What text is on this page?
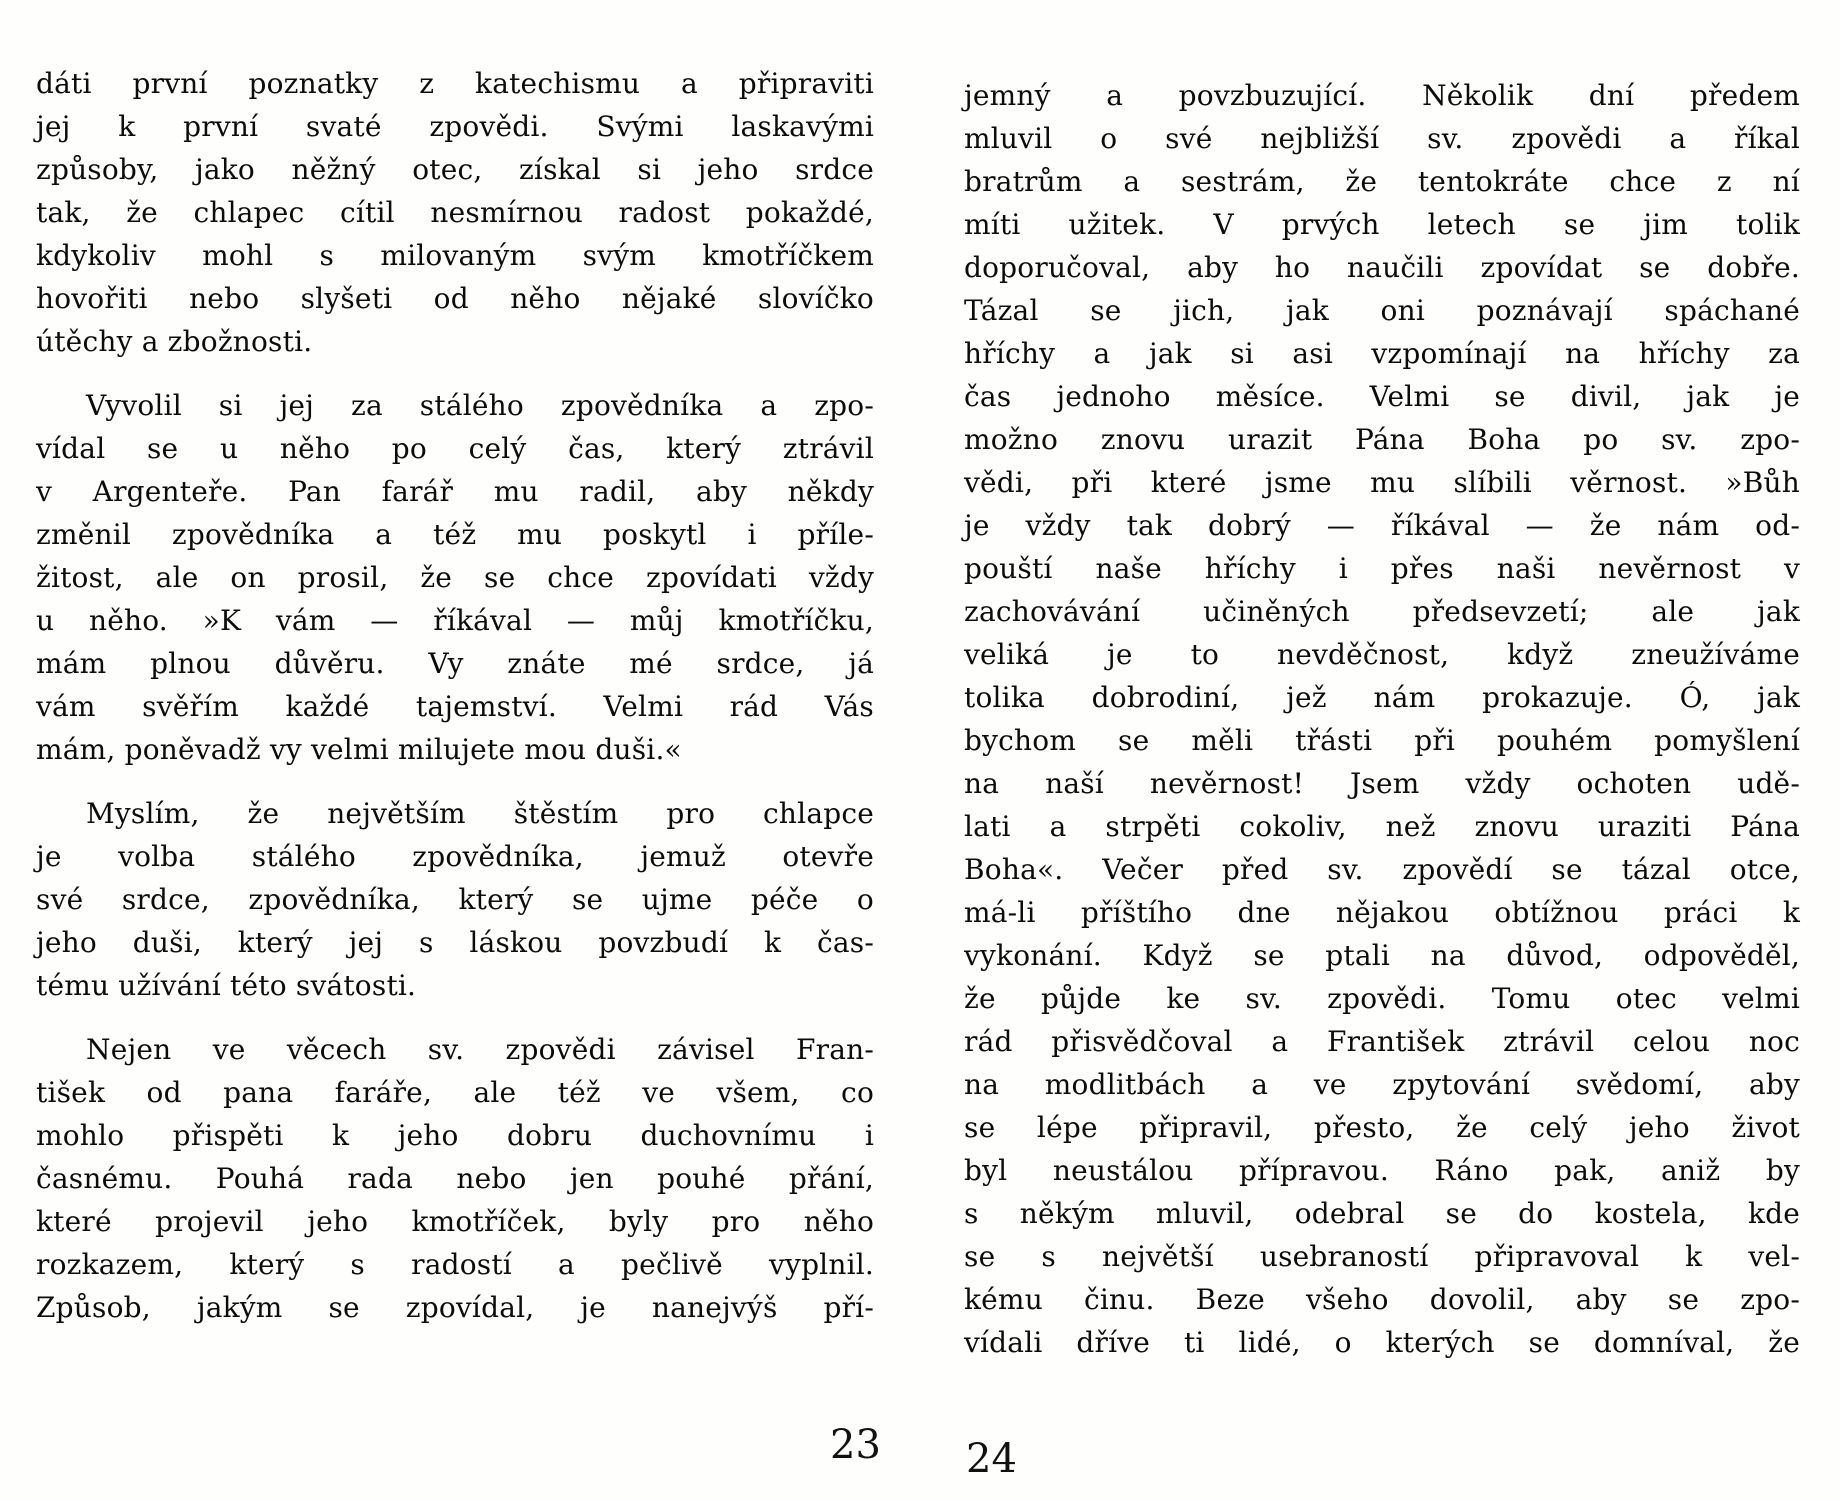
dáti první poznatky z katechismu a připraviti
jej k první svaté zpovědi. Svými laskavými
způsoby, jako něžný otec, získal si jeho srdce
tak, že chlapec cítil nesmírnou radost pokaždé,
kdykoliv mohl s milovaným svým kmotříčkem
hovořiti nebo slyšeti od něho nějaké slovíčko
útěchy a zbožnosti.

Vyvolil si jej za stálého zpovědníka a zpo-
vídal se u něho po celý čas, který ztrávil
v Argenteře. Pan farář mu radil, aby někdy
změnil zpovědníka a též mu poskytl i příle-
žitost, ale on prosil, že se chce zpovídati vždy
u něho. »K vám — říkával — můj kmotříčku,
mám plnou důvěru. Vy znáte mé srdce, já
vám svěřím každé tajemství. Velmi rád Vás
mám, poněvadž vy velmi milujete mou duši.«

Myslím, že největším štěstím pro chlapce
je volba stálého zpovědníka, jemuž otevře
své srdce, zpovědníka, který se ujme péče o
jeho duši, který jej s láskou povzbudí k čas-
tému užívání této svátosti.

Nejen ve věcech sv. zpovědi závisel Fran-
tišek od pana faráře, ale též ve všem, co
mohlo přispěti k jeho dobru duchovnímu i
časnému. Pouhá rada nebo jen pouhé přání,
které projevil jeho kmotříček, byly pro něho
rozkazem, který s radostí a pečlivě vyplnil.
Způsob, jakým se zpovídal, je nanejvýš pří-

jemný a povzbuzující. Několik dní předem
mluvil o své nejbližší sv. zpovědi a říkal
bratrům a sestrám, že tentokráte chce z ní
míti užitek. V prvých letech se jim tolik
doporučoval, aby ho naučili zpovídat se dobře.
Tázal se jich, jak oni poznávají spáchané
hříchy a jak si asi vzpomínají na hříchy za
čas jednoho měsíce. Velmi se divil, jak je
možno znovu urazit Pána Boha po sv. zpo-
vědi, při které jsme mu slíbili věrnost. »Bůh
je vždy tak dobrý — říkával — že nám od-
pouští naše hříchy i přes naši nevěrnost v
zachovávání učiněných předsevzetí; ale jak
veliká je to nevděčnost, když zneužíváme
tolika dobrodiní, jež nám prokazuje. Ó, jak
bychom se měli třásti při pouhém pomyšlení
na naší nevěrnost! Jsem vždy ochoten udě-
lati a strpěti cokoliv, než znovu uraziti Pána
Boha«. Večer před sv. zpovědí se tázal otce,
má-li příštího dne nějakou obtížnou práci k
vykonání. Když se ptali na důvod, odpověděl,
že půjde ke sv. zpovědi. Tomu otec velmi
rád přisvědčoval a František ztrávil celou noc
na modlitbách a ve zpytování svědomí, aby
se lépe připravil, přesto, že celý jeho život
byl neustálou přípravou. Ráno pak, aniž by
s někým mluvil, odebral se do kostela, kde
se s největší usebraností připravoval k vel-
kému činu. Beze všeho dovolil, aby se zpo-
vídali dříve ti lidé, o kterých se domníval, že

23 24
